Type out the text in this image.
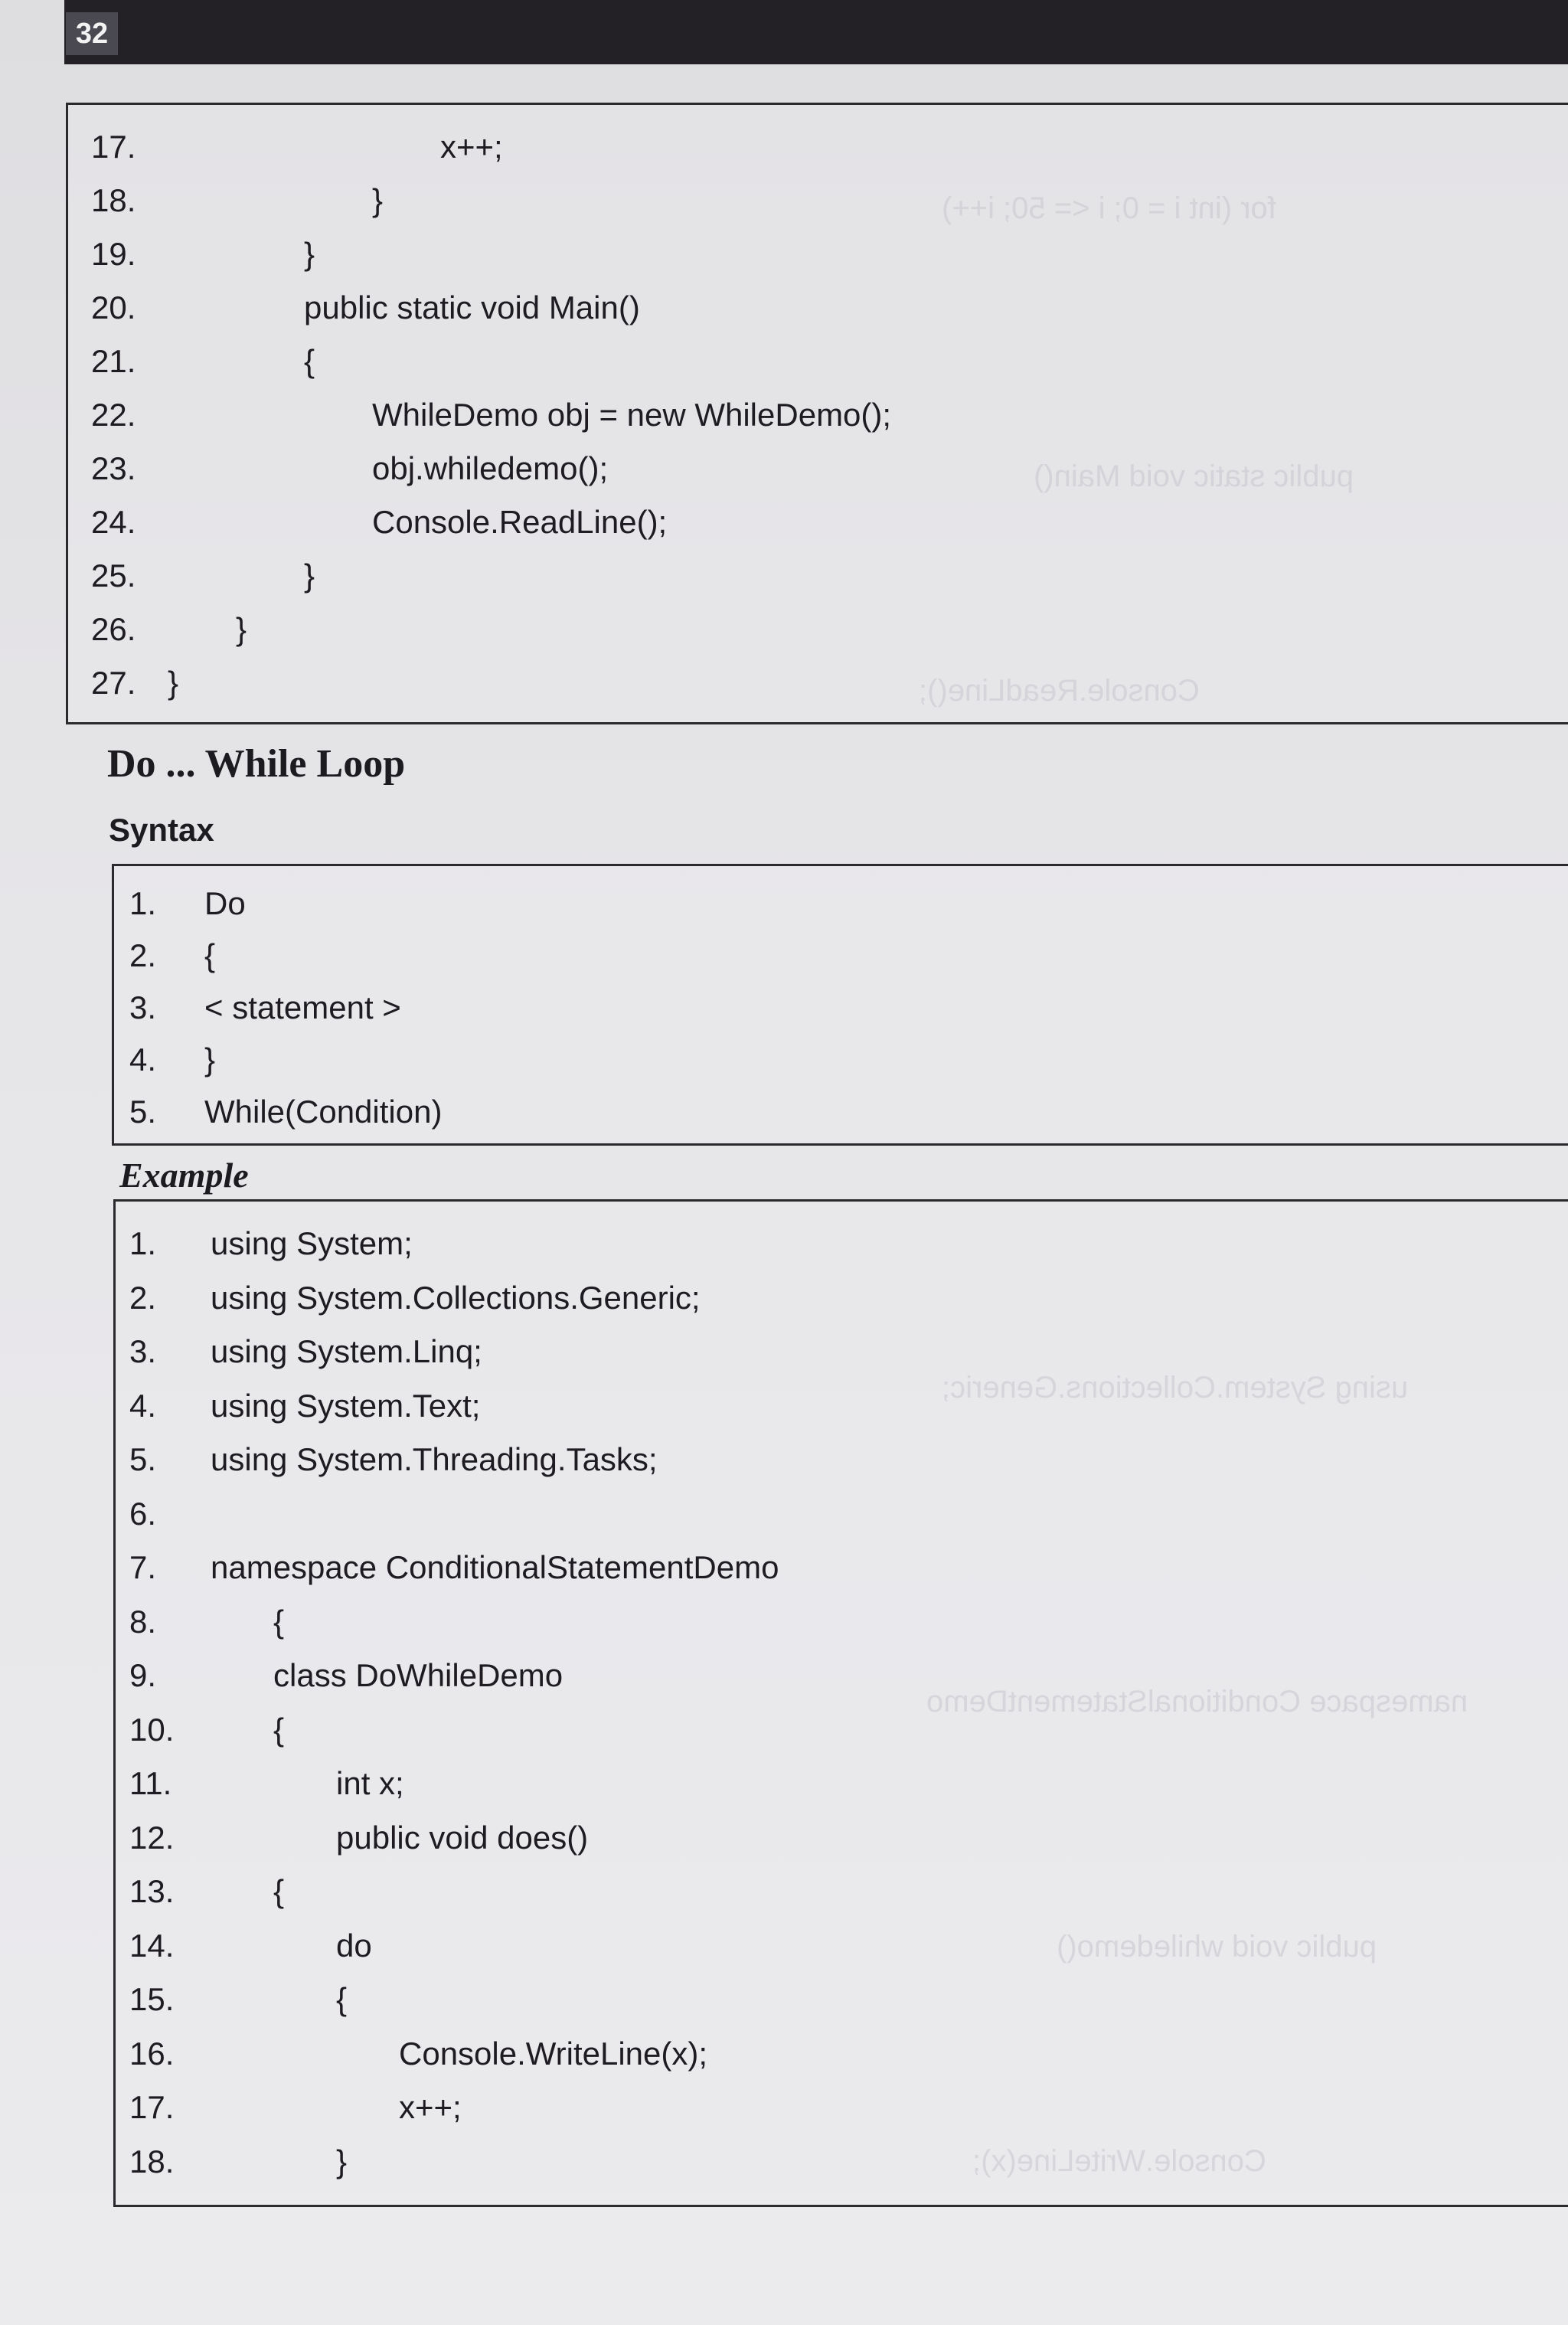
32
for (int i = 0; i <= 50; i++)
public static void Main()
Console.ReadLine();
using System.Collections.Generic;
namespace ConditionalStatementDemo
public void whiledemo()
Console.WriteLine(x);
17.	x++;
18.	}
19.	}
20.	public static void Main()
21.	{
22.	WhileDemo obj = new WhileDemo();
23.	obj.whiledemo();
24.	Console.ReadLine();
25.	}
26.	}
27. }
Do ... While Loop
Syntax
1. Do
2. {
3. < statement >
4. }
5. While(Condition)
Example
1. using System;
2. using System.Collections.Generic;
3. using System.Linq;
4. using System.Text;
5. using System.Threading.Tasks;
6.
7. namespace ConditionalStatementDemo
8.	{
9.	class DoWhileDemo
10.	{
11.	int x;
12.	public void does()
13.	{
14.	do
15.	{
16.	Console.WriteLine(x);
17.	x++;
18.	}
